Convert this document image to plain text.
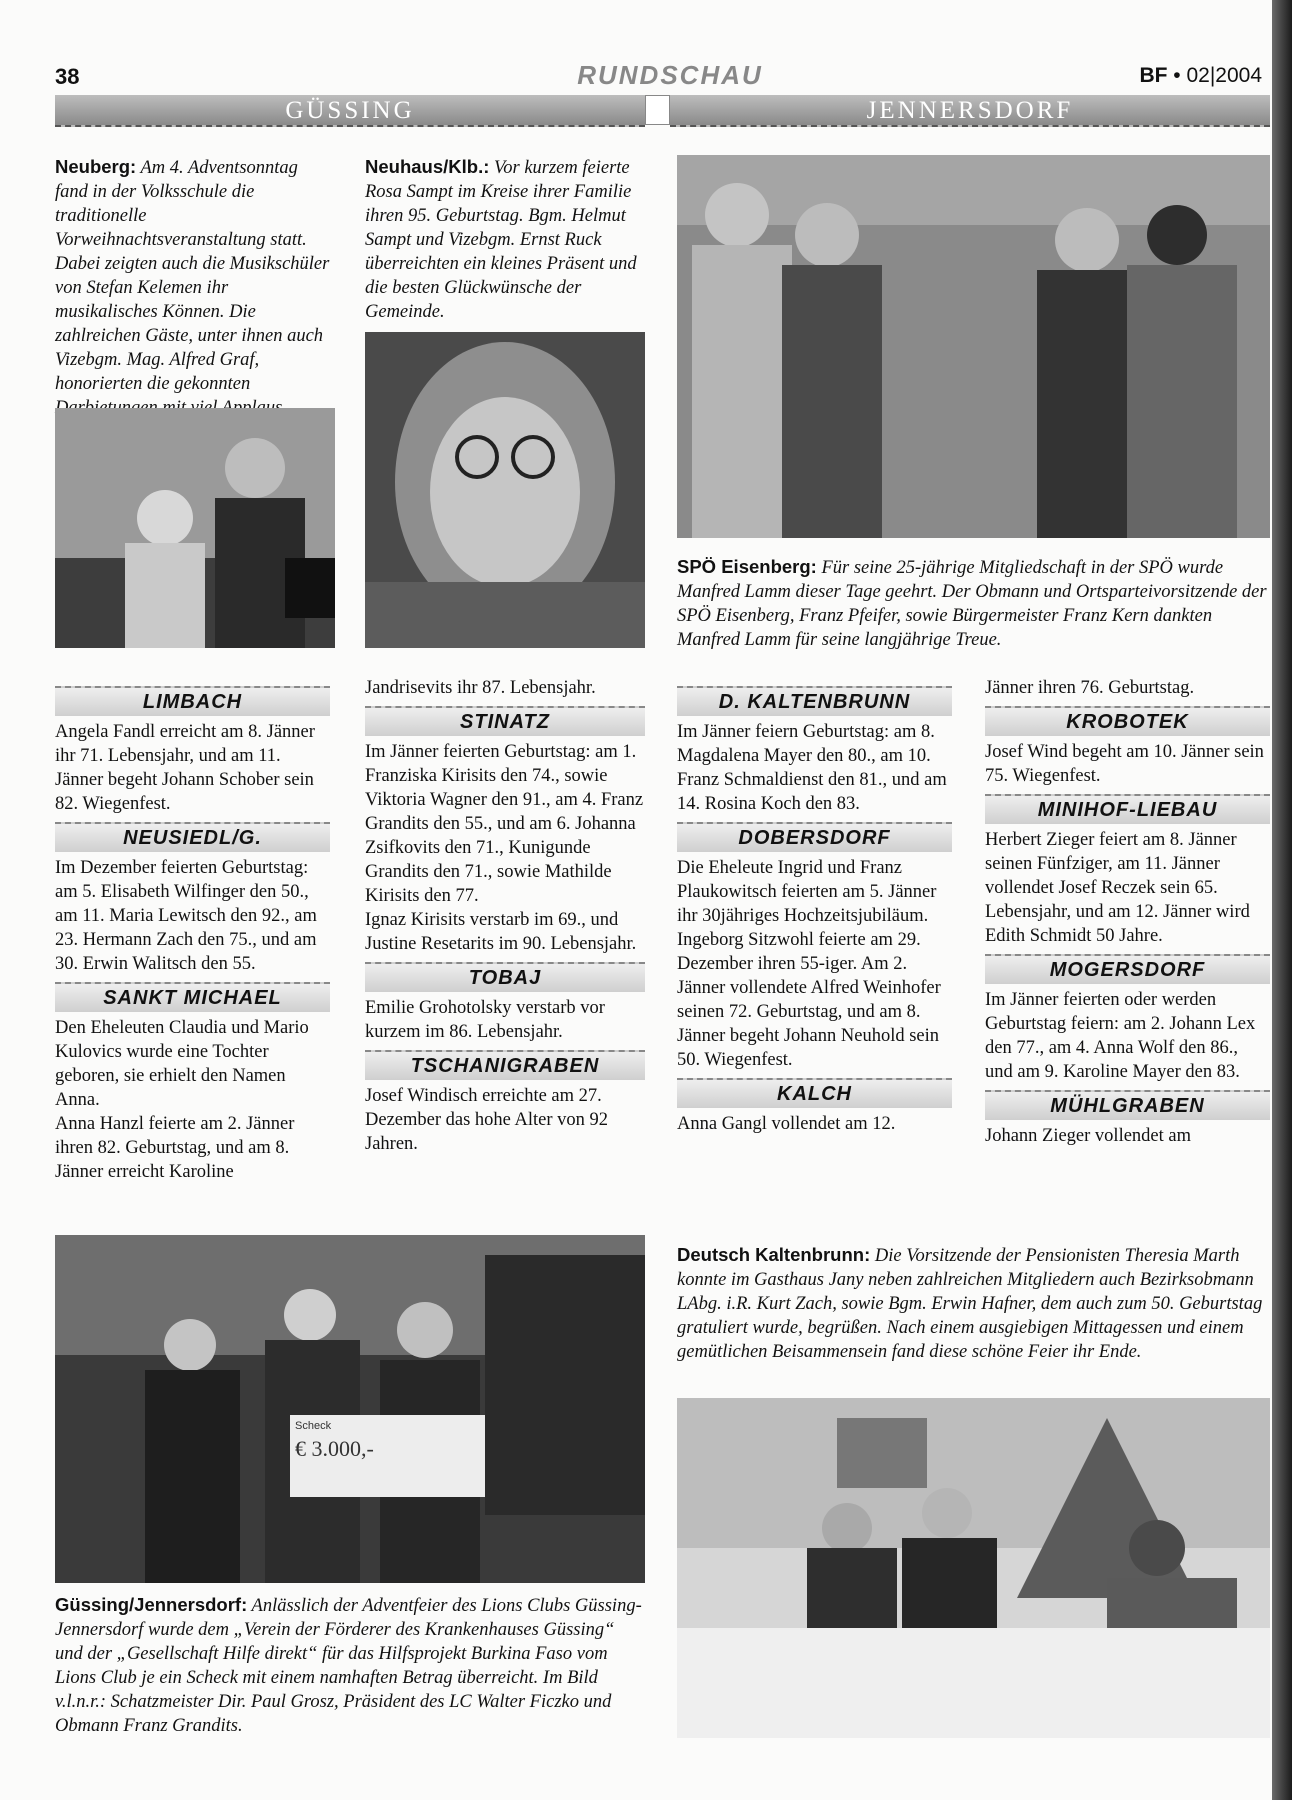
38	RUNDSCHAU	BF • 02|2004
GÜSSING	JENNERSDORF
Neuberg: Am 4. Adventsonntag fand in der Volksschule die traditionelle Vorweihnachtsveranstaltung statt. Dabei zeigten auch die Musikschüler von Stefan Kelemen ihr musikalisches Können. Die zahlreichen Gäste, unter ihnen auch Vizebgm. Mag. Alfred Graf, honorierten die gekonnten
Neuhaus/Klb.: Vor kurzem feierte Rosa Sampt im Kreise ihrer Familie ihren 95. Geburtstag. Bgm. Helmut Sampt und Vizebgm. Ernst Ruck überreichten ein kleines Präsent und die besten Glückwünsche der Gemeinde.
SPÖ Eisenberg: Für seine 25-jährige Mitgliedschaft in der SPÖ wurde Manfred Lamm dieser Tage geehrt. Der Obmann und Ortsparteivorsitzende der SPÖ Eisenberg, Franz Pfeifer, sowie Bürgermeister Franz Kern dankten Manfred Lamm für seine langjährige Treue.
LIMBACH
Angela Fandl erreicht am 8. Jänner ihr 71. Lebensjahr, und am 11. Jänner begeht Johann Schober sein 82. Wiegenfest.
NEUSIEDL/G.
Im Dezember feierten Geburtstag: am 5. Elisabeth Wilfinger den 50., am 11. Maria Lewitsch den 92., am 23. Hermann Zach den 75., und am 30. Erwin Walitsch den 55.
SANKT MICHAEL
Den Eheleuten Claudia und Mario Kulovics wurde eine Tochter geboren, sie erhielt den Namen Anna.
Anna Hanzl feierte am 2. Jänner ihren 82. Geburtstag, und am 8. Jänner erreicht Karoline
Jandrisevits ihr 87. Lebensjahr.
STINATZ
Im Jänner feierten Geburtstag: am 1. Franziska Kirisits den 74., sowie Viktoria Wagner den 91., am 4. Franz Grandits den 55., und am 6. Johanna Zsifkovits den 71., Kunigunde Grandits den 71., sowie Mathilde Kirisits den 77.
Ignaz Kirisits verstarb im 69., und Justine Resetarits im 90. Lebensjahr.
TOBAJ
Emilie Grohotolsky verstarb vor kurzem im 86. Lebensjahr.
TSCHANIGRABEN
Josef Windisch erreichte am 27. Dezember das hohe Alter von 92 Jahren.
D. KALTENBRUNN
Im Jänner feiern Geburtstag: am 8. Magdalena Mayer den 80., am 10. Franz Schmaldienst den 81., und am 14. Rosina Koch den 83.
DOBERSDORF
Die Eheleute Ingrid und Franz Plaukowitsch feierten am 5. Jänner ihr 30jähriges Hochzeitsjubiläum.
Ingeborg Sitzwohl feierte am 29. Dezember ihren 55-iger. Am 2. Jänner vollendete Alfred Weinhofer seinen 72. Geburtstag, und am 8. Jänner begeht Johann Neuhold sein 50. Wiegenfest.
KALCH
Anna Gangl vollendet am 12.
Jänner ihren 76. Geburtstag.
KROBOTEK
Josef Wind begeht am 10. Jänner sein 75. Wiegenfest.
MINIHOF-LIEBAU
Herbert Zieger feiert am 8. Jänner seinen Fünfziger, am 11. Jänner vollendet Josef Reczek sein 65. Lebensjahr, und am 12. Jänner wird Edith Schmidt 50 Jahre.
MOGERSDORF
Im Jänner feierten oder werden Geburtstag feiern: am 2. Johann Lex den 77., am 4. Anna Wolf den 86., und am 9. Karoline Mayer den 83.
MÜHLGRABEN
Johann Zieger vollendet am
Scheck
€ 3.000,-
Güssing/Jennersdorf: Anlässlich der Adventfeier des Lions Clubs Güssing-Jennersdorf wurde dem „Verein der Förderer des Krankenhauses Güssing“ und der „Gesellschaft Hilfe direkt“ für das Hilfsprojekt Burkina Faso vom Lions Club je ein Scheck mit einem namhaften Betrag überreicht. Im Bild v.l.n.r.: Schatzmeister Dir. Paul Grosz, Präsident des LC Walter Ficzko und Obmann Franz Grandits.
Deutsch Kaltenbrunn: Die Vorsitzende der Pensionisten Theresia Marth konnte im Gasthaus Jany neben zahlreichen Mitgliedern auch Bezirksobmann LAbg. i.R. Kurt Zach, sowie Bgm. Erwin Hafner, dem auch zum 50. Geburtstag gratuliert wurde, begrüßen. Nach einem ausgiebigen Mittagessen und einem gemütlichen Beisammensein fand diese schöne Feier ihr Ende.
